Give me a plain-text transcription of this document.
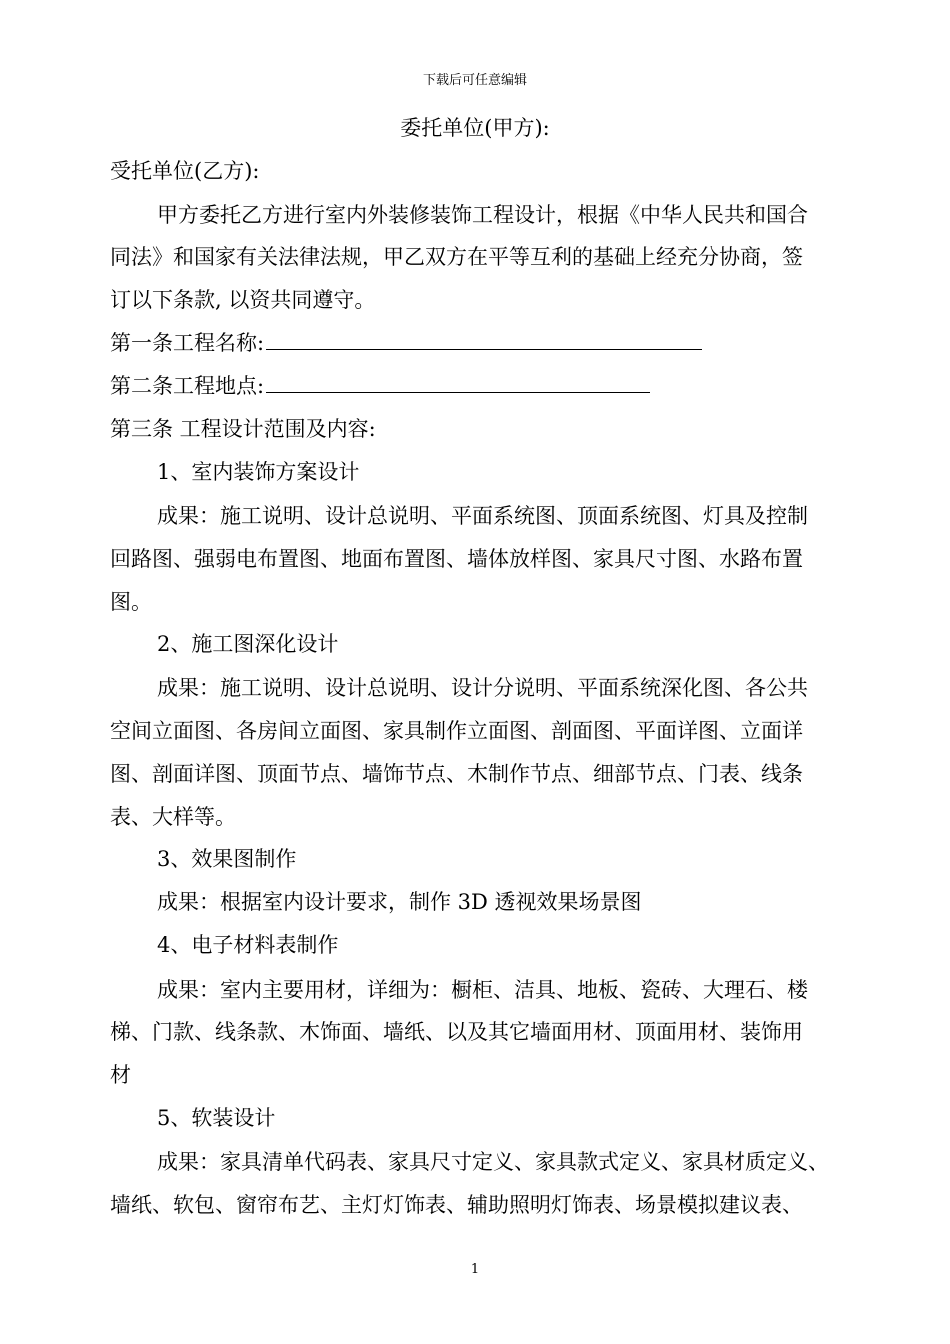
下载后可任意编辑
委托单位(甲方):
受托单位(乙方):
甲方委托乙方进行室内外装修装饰工程设计，根据《中华人民共和国合
同法》和国家有关法律法规，甲乙双方在平等互利的基础上经充分协商，签
订以下条款, 以资共同遵守。
第一条工程名称:
第二条工程地点:
第三条 工程设计范围及内容:
1、室内装饰方案设计
成果：施工说明、设计总说明、平面系统图、顶面系统图、灯具及控制
回路图、强弱电布置图、地面布置图、墙体放样图、家具尺寸图、水路布置
图。
2、施工图深化设计
成果：施工说明、设计总说明、设计分说明、平面系统深化图、各公共
空间立面图、各房间立面图、家具制作立面图、剖面图、平面详图、立面详
图、剖面详图、顶面节点、墙饰节点、木制作节点、细部节点、门表、线条
表、大样等。
3、效果图制作
成果：根据室内设计要求，制作 3D 透视效果场景图
4、电子材料表制作
成果：室内主要用材，详细为：橱柜、洁具、地板、瓷砖、大理石、楼
梯、门款、线条款、木饰面、墙纸、以及其它墙面用材、顶面用材、装饰用
材
5、软装设计
成果：家具清单代码表、家具尺寸定义、家具款式定义、家具材质定义、
墙纸、软包、窗帘布艺、主灯灯饰表、辅助照明灯饰表、场景模拟建议表、
1
